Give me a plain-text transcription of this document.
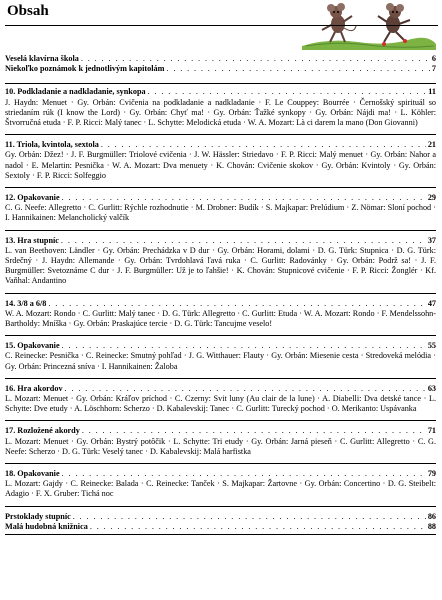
Obsah
Veselá klavírna škola . . .	6
Niekoľko poznámok k jednotlivým kapitolám . . .	7
10. Podkladanie a nadkladanie, synkopa . . .	11
J. Haydn: Menuet · Gy. Orbán: Cvičenia na podkladanie a nadkladanie · F. Le Couppey: Bourrée · Černošský spirituál so striedaním rúk (I know the Lord) · Gy. Orbán: Chyť ma! · Gy. Orbán: Ťažké synkopy · Gy. Orbán: Nájdi ma! · L. Köhler: Štvorručná etuda · F. P. Ricci: Malý tanec · L. Schytte: Melodická etuda · W. A. Mozart: Là ci darem la mano (Don Giovanni)
11. Triola, kvintola, sextola . . .	21
Gy. Orbán: Džez! · J. F. Burgmüller: Triolové cvičenia · J. W. Hässler: Striedavo · F. P. Ricci: Malý menuet · Gy. Orbán: Nahor a nadol · E. Melartin: Pesnička · W. A. Mozart: Dva menuety · K. Chován: Cvičenie skokov · Gy. Orbán: Kvintoly · Gy. Orbán: Sextoly · F. P. Ricci: Solfeggio
12. Opakovanie . . .	29
C. G. Neefe: Allegretto · C. Gurlitt: Rýchle rozhodnutie · M. Drobner: Budík · S. Majkapar: Prelúdium · Z. Nömar: Sloní pochod · I. Hannikainen: Melancholický valčík
13. Hra stupníc . . .	37
L. van Beethoven: Ländler · Gy. Orbán: Prechádzka v D dur · Gy. Orbán: Horami, dolami · D. G. Türk: Stupnica · D. G. Türk: Srdečný · J. Haydn: Allemande · Gy. Orbán: Tvrdohlavá ľavá ruka · C. Gurlitt: Radovánky · Gy. Orbán: Podrž sa! · J. F. Burgmüller: Svetoznáme C dur · J. F. Burgmüller: Už je to ľahšie! · K. Chován: Stupnicové cvičenie · F. P. Ricci: Žonglér · Kf. Vaňhal: Andantino
14. 3/8 a 6/8 . . .	47
W. A. Mozart: Rondo · C. Gurlitt: Malý tanec · D. G. Türk: Allegretto · C. Gurlitt: Etuda · W. A. Mozart: Rondo · F. Mendelssohn-Bartholdy: Mníška · Gy. Orbán: Praskajúce tercie · D. G. Türk: Tancujme veselo!
15. Opakovanie . . .	55
C. Reinecke: Pesnička · C. Reinecke: Smutný pohľad · J. G. Witthauer: Flauty · Gy. Orbán: Miesenie cesta · Stredoveká melódia · Gy. Orbán: Princezná snívа · I. Hannikainen: Žaloba
16. Hra akordov . . .	63
L. Mozart: Menuet · Gy. Orbán: Kráľov príchod · C. Czerny: Svit luny (Au clair de la lune) · A. Diabelli: Dva detské tance · L. Schytte: Dve etudy · A. Löschhorn: Scherzo · D. Kabalevskij: Tanec · C. Gurlitt: Turecký pochod · O. Merikanto: Uspávanka
17. Rozložené akordy . . .	71
L. Mozart: Menuet · Gy. Orbán: Bystrý potôčik · L. Schytte: Tri etudy · Gy. Orbán: Jarná pieseň · C. Gurlitt: Allegretto · C. G. Neefe: Scherzo · D. G. Türk: Veselý tanec · D. Kabalevskij: Malá harfistka
18. Opakovanie . . .	79
L. Mozart: Gajdy · C. Reinecke: Balada · C. Reinecke: Tanček · S. Majkapar: Žartovne · Gy. Orbán: Concertino · D. G. Steibelt: Adagio · F. X. Gruber: Tichá noc
Prstoklady stupníc . . .	86
Malá hudobná knižnica . . .	88
